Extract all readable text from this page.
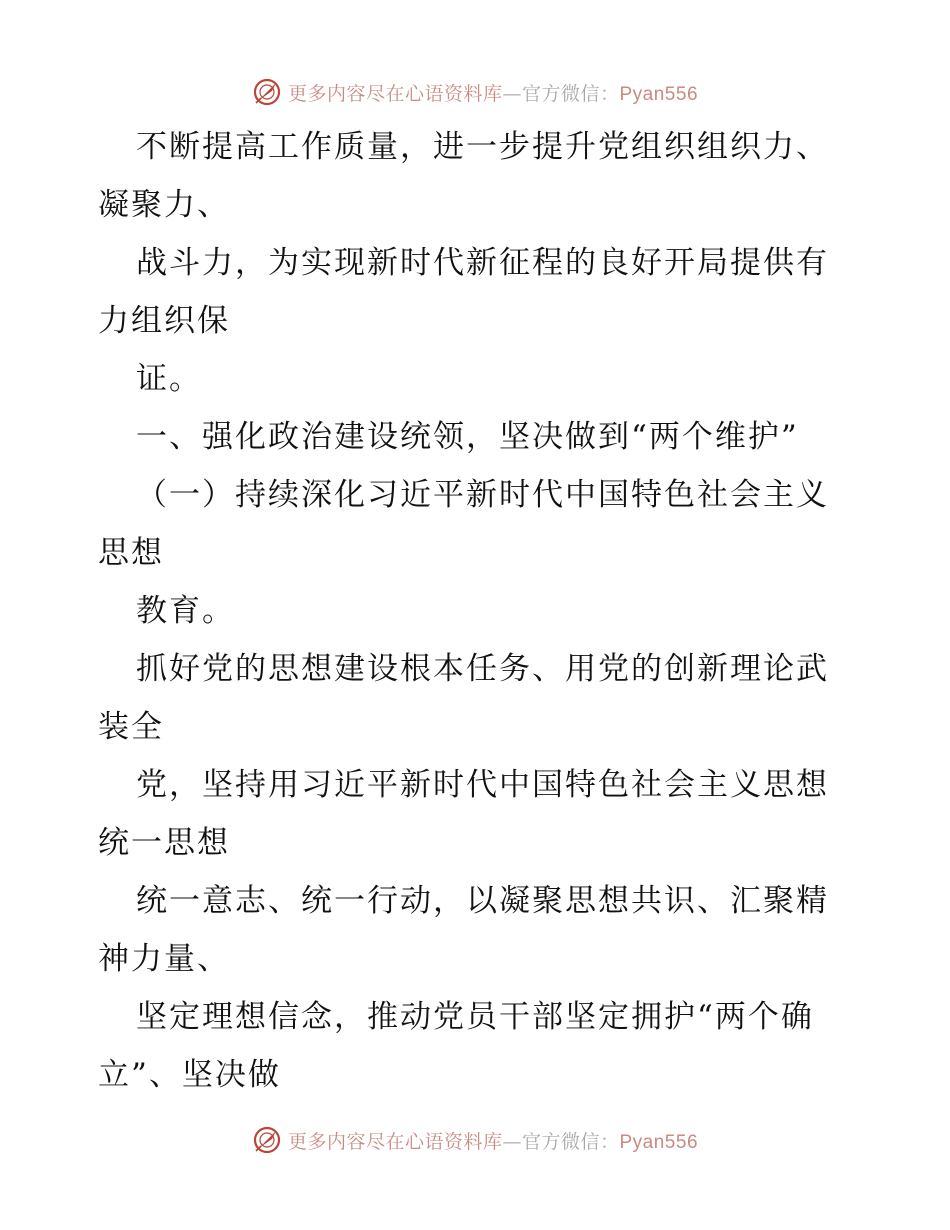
更多内容尽在心语资料库—官方微信：Pyan556
不断提高工作质量，进一步提升党组织组织力、
凝聚力、
战斗力，为实现新时代新征程的良好开局提供有
力组织保
证。
一、强化政治建设统领，坚决做到“两个维护”
（一）持续深化习近平新时代中国特色社会主义
思想
教育。
抓好党的思想建设根本任务、用党的创新理论武
装全
党，坚持用习近平新时代中国特色社会主义思想
统一思想
统一意志、统一行动，以凝聚思想共识、汇聚精
神力量、
坚定理想信念，推动党员干部坚定拥护“两个确
立”、坚决做
更多内容尽在心语资料库—官方微信：Pyan556
